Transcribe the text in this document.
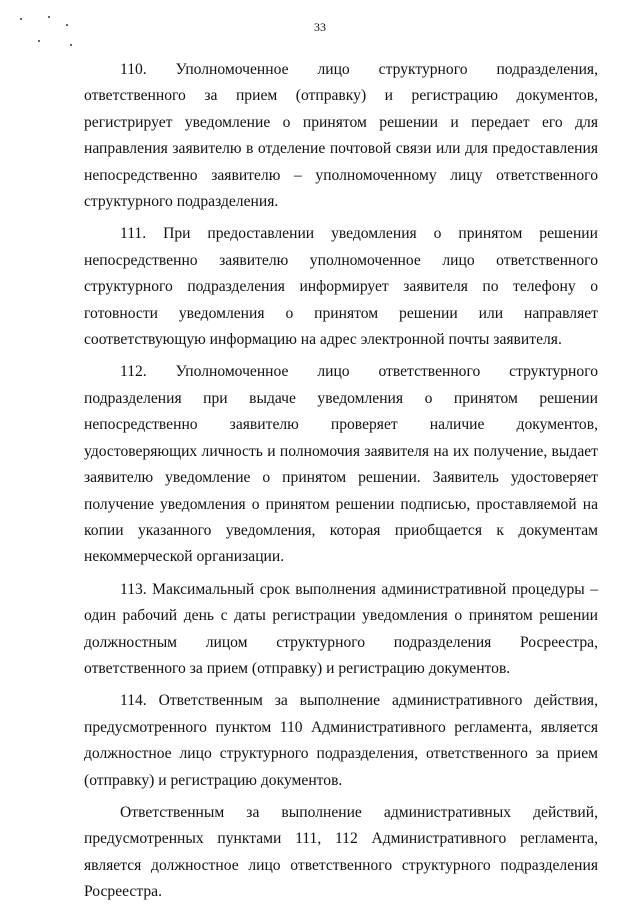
33

110. Уполномоченное лицо структурного подразделения, ответственного за прием (отправку) и регистрацию документов, регистрирует уведомление о принятом решении и передает его для направления заявителю в отделение почтовой связи или для предоставления непосредственно заявителю – уполномоченному лицу ответственного структурного подразделения.

111. При предоставлении уведомления о принятом решении непосредственно заявителю уполномоченное лицо ответственного структурного подразделения информирует заявителя по телефону о готовности уведомления о принятом решении или направляет соответствующую информацию на адрес электронной почты заявителя.

112. Уполномоченное лицо ответственного структурного подразделения при выдаче уведомления о принятом решении непосредственно заявителю проверяет наличие документов, удостоверяющих личность и полномочия заявителя на их получение, выдает заявителю уведомление о принятом решении. Заявитель удостоверяет получение уведомления о принятом решении подписью, проставляемой на копии указанного уведомления, которая приобщается к документам некоммерческой организации.

113. Максимальный срок выполнения административной процедуры – один рабочий день с даты регистрации уведомления о принятом решении должностным лицом структурного подразделения Росреестра, ответственного за прием (отправку) и регистрацию документов.

114. Ответственным за выполнение административного действия, предусмотренного пунктом 110 Административного регламента, является должностное лицо структурного подразделения, ответственного за прием (отправку) и регистрацию документов.

Ответственным за выполнение административных действий, предусмотренных пунктами 111, 112 Административного регламента, является должностное лицо ответственного структурного подразделения Росреестра.
